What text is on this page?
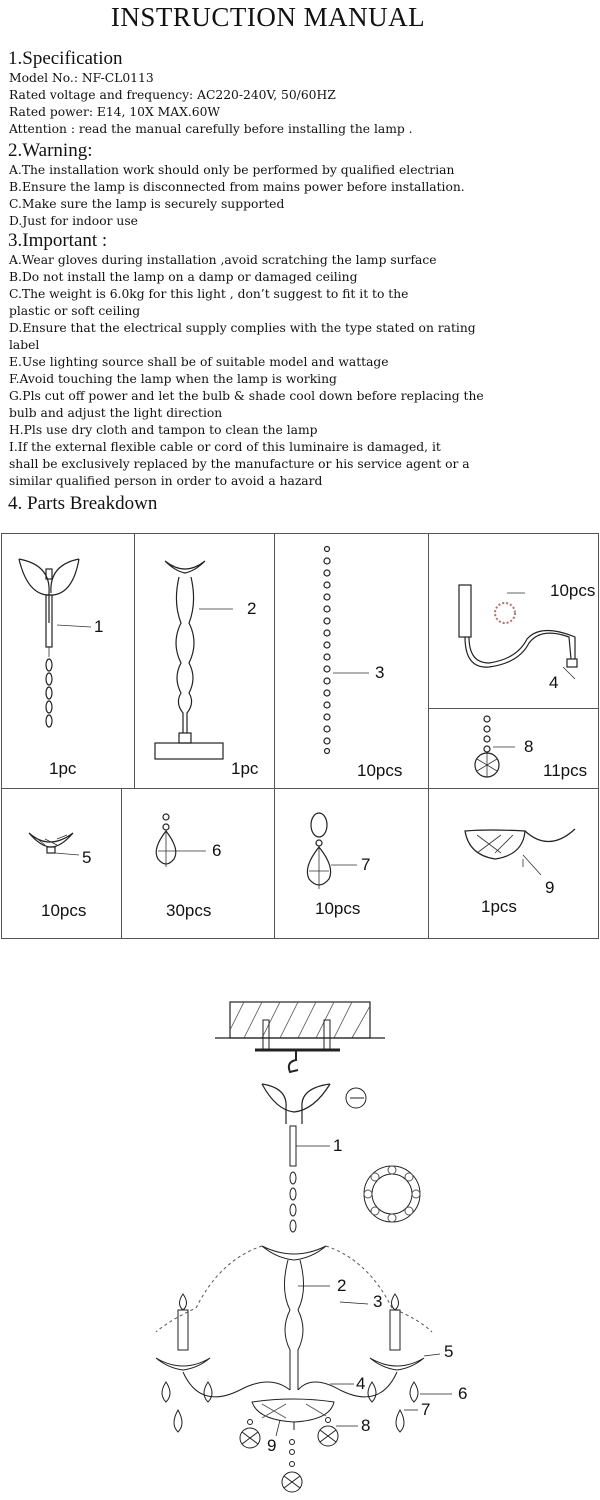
INSTRUCTION MANUAL
1.Specification
Model No.: NF-CL0113
Rated voltage and frequency: AC220-240V, 50/60HZ
Rated power: E14, 10X MAX.60W
Attention : read the manual carefully before installing the lamp .
2.Warning:
A.The installation work should only be performed by qualified electrian
B.Ensure the lamp is disconnected from mains power before installation.
C.Make sure the lamp is securely supported
D.Just for indoor use
3.Important :
A.Wear gloves during installation ,avoid scratching the lamp surface
B.Do not install the lamp on a damp or damaged ceiling
C.The weight is 6.0kg for this light , don’t suggest to fit it to the
plastic or soft ceiling
D.Ensure that the electrical supply complies with the type stated on rating
label
E.Use lighting source shall be of suitable model and wattage
F.Avoid touching the lamp when the lamp is working
G.Pls cut off power and let the bulb & shade cool down before replacing the
bulb and adjust the light direction
H.Pls use dry cloth and tampon to clean the lamp
I.If the external flexible cable or cord of this luminaire is damaged, it
shall be exclusively replaced by the manufacture or his service agent or a
similar qualified person in order to avoid a hazard
4. Parts Breakdown
1
1pc
2
1pc
3
10pcs
10pcs
4
8
11pcs
5
10pcs
6
30pcs
7
10pcs
9
1pcs
1
2
3
4
5
6
7
8
9
